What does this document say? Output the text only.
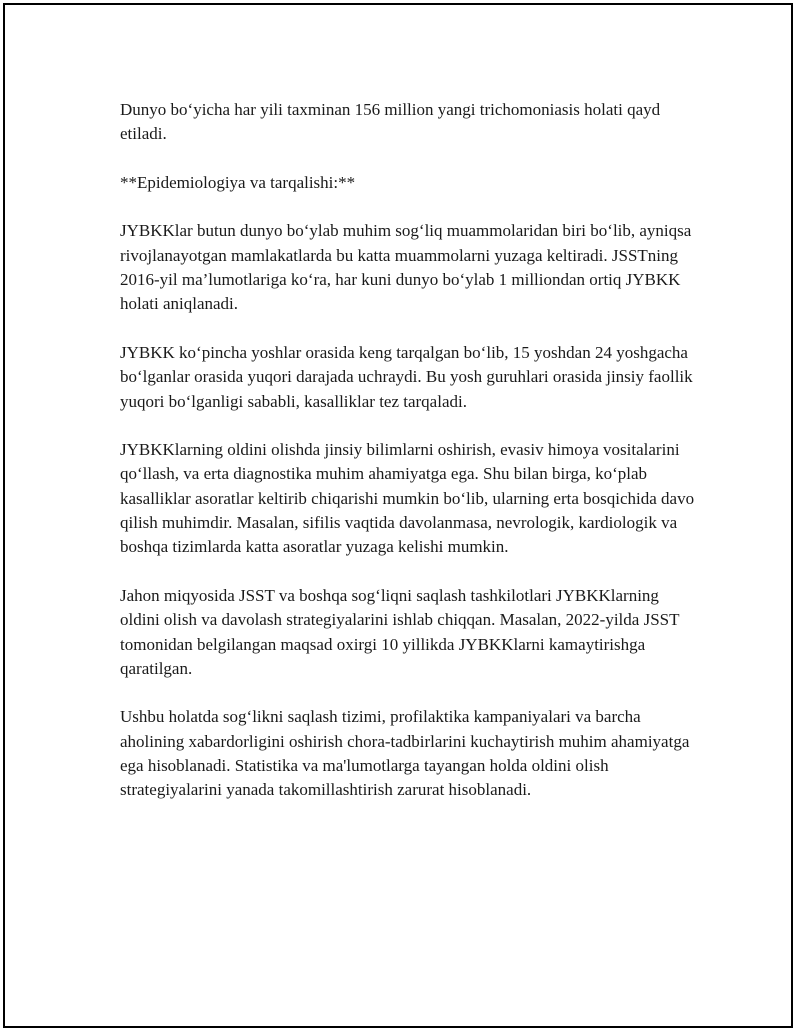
Dunyo bo‘yicha har yili taxminan 156 million yangi trichomoniasis holati qayd etiladi.

**Epidemiologiya va tarqalishi:**

JYBKKlar butun dunyo bo‘ylab muhim sog‘liq muammolaridan biri bo‘lib, ayniqsa rivojlanayotgan mamlakatlarda bu katta muammolarni yuzaga keltiradi. JSSTning 2016-yil ma’lumotlariga ko‘ra, har kuni dunyo bo‘ylab 1 milliondan ortiq JYBKK holati aniqlanadi.

JYBKK ko‘pincha yoshlar orasida keng tarqalgan bo‘lib, 15 yoshdan 24 yoshgacha bo‘lganlar orasida yuqori darajada uchraydi. Bu yosh guruhlari orasida jinsiy faollik yuqori bo‘lganligi sababli, kasalliklar tez tarqaladi.

JYBKKlarning oldini olishda jinsiy bilimlarni oshirish, evasiv himoya vositalarini qo‘llash, va erta diagnostika muhim ahamiyatga ega. Shu bilan birga, ko‘plab kasalliklar asoratlar keltirib chiqarishi mumkin bo‘lib, ularning erta bosqichida davo qilish muhimdir. Masalan, sifilis vaqtida davolanmasa, nevrologik, kardiologik va boshqa tizimlarda katta asoratlar yuzaga kelishi mumkin.

Jahon miqyosida JSST va boshqa sog‘liqni saqlash tashkilotlari JYBKKlarning oldini olish va davolash strategiyalarini ishlab chiqqan. Masalan, 2022-yilda JSST tomonidan belgilangan maqsad oxirgi 10 yillikda JYBKKlarni kamaytirishga qaratilgan.

Ushbu holatda sog‘likni saqlash tizimi, profilaktika kampaniyalari va barcha aholining xabardorligini oshirish chora-tadbirlarini kuchaytirish muhim ahamiyatga ega hisoblanadi. Statistika va ma'lumotlarga tayangan holda oldini olish strategiyalarini yanada takomillashtirish zarurat hisoblanadi.
